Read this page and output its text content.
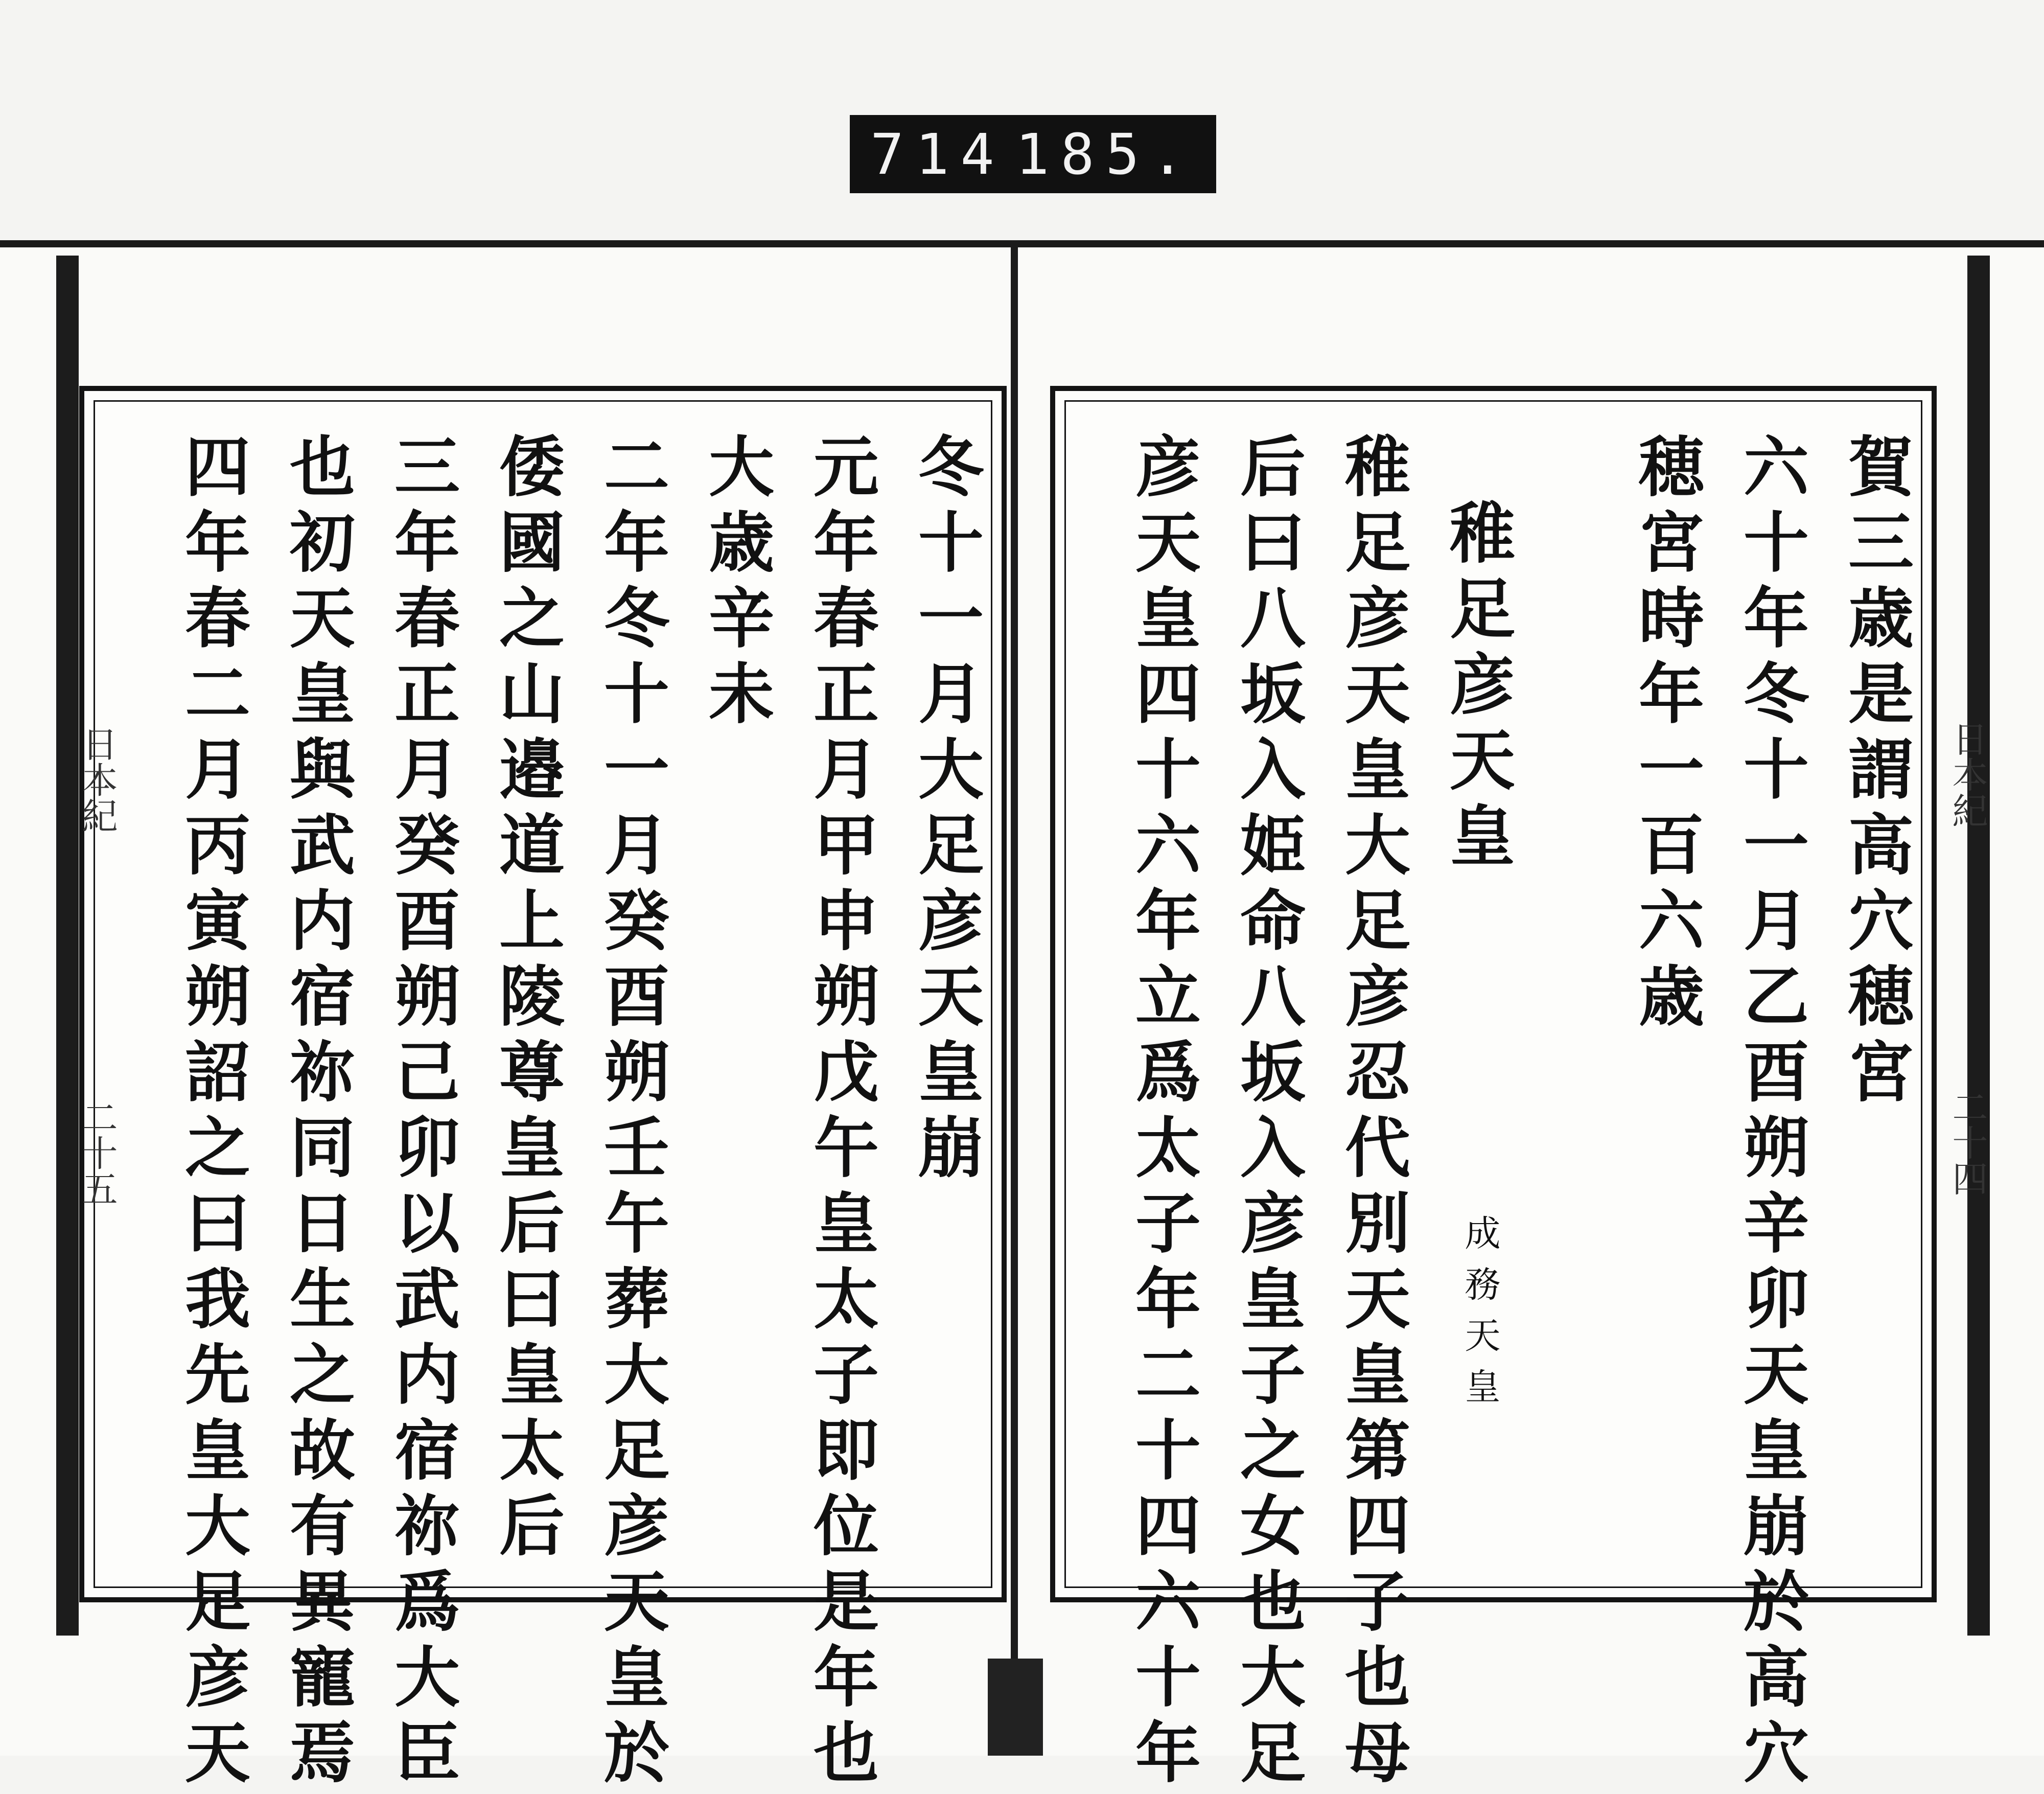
714 185.
冬十一月大足彦天皇崩
元年春正月甲申朔戊午皇太子即位是年也
大歳辛未
二年冬十一月癸酉朔壬午葬大足彦天皇於
倭國之山邉道上陵尊皇后曰皇太后
三年春正月癸酉朔己卯以武内宿祢爲大臣
也初天皇與武内宿祢同日生之故有異寵焉
四年春二月丙寅朔詔之曰我先皇大足彦天
日本紀
二十五
賀三歳是謂高穴穂宮
六十年冬十一月乙酉朔辛卯天皇崩於高穴
穂宮時年一百六歳
稚足彦天皇
成務天皇
稚足彦天皇大足彦忍代別天皇第四子也母
后曰八坂入姫命八坂入彦皇子之女也大足
彦天皇四十六年立爲太子年二十四六十年	日本紀
二十四
